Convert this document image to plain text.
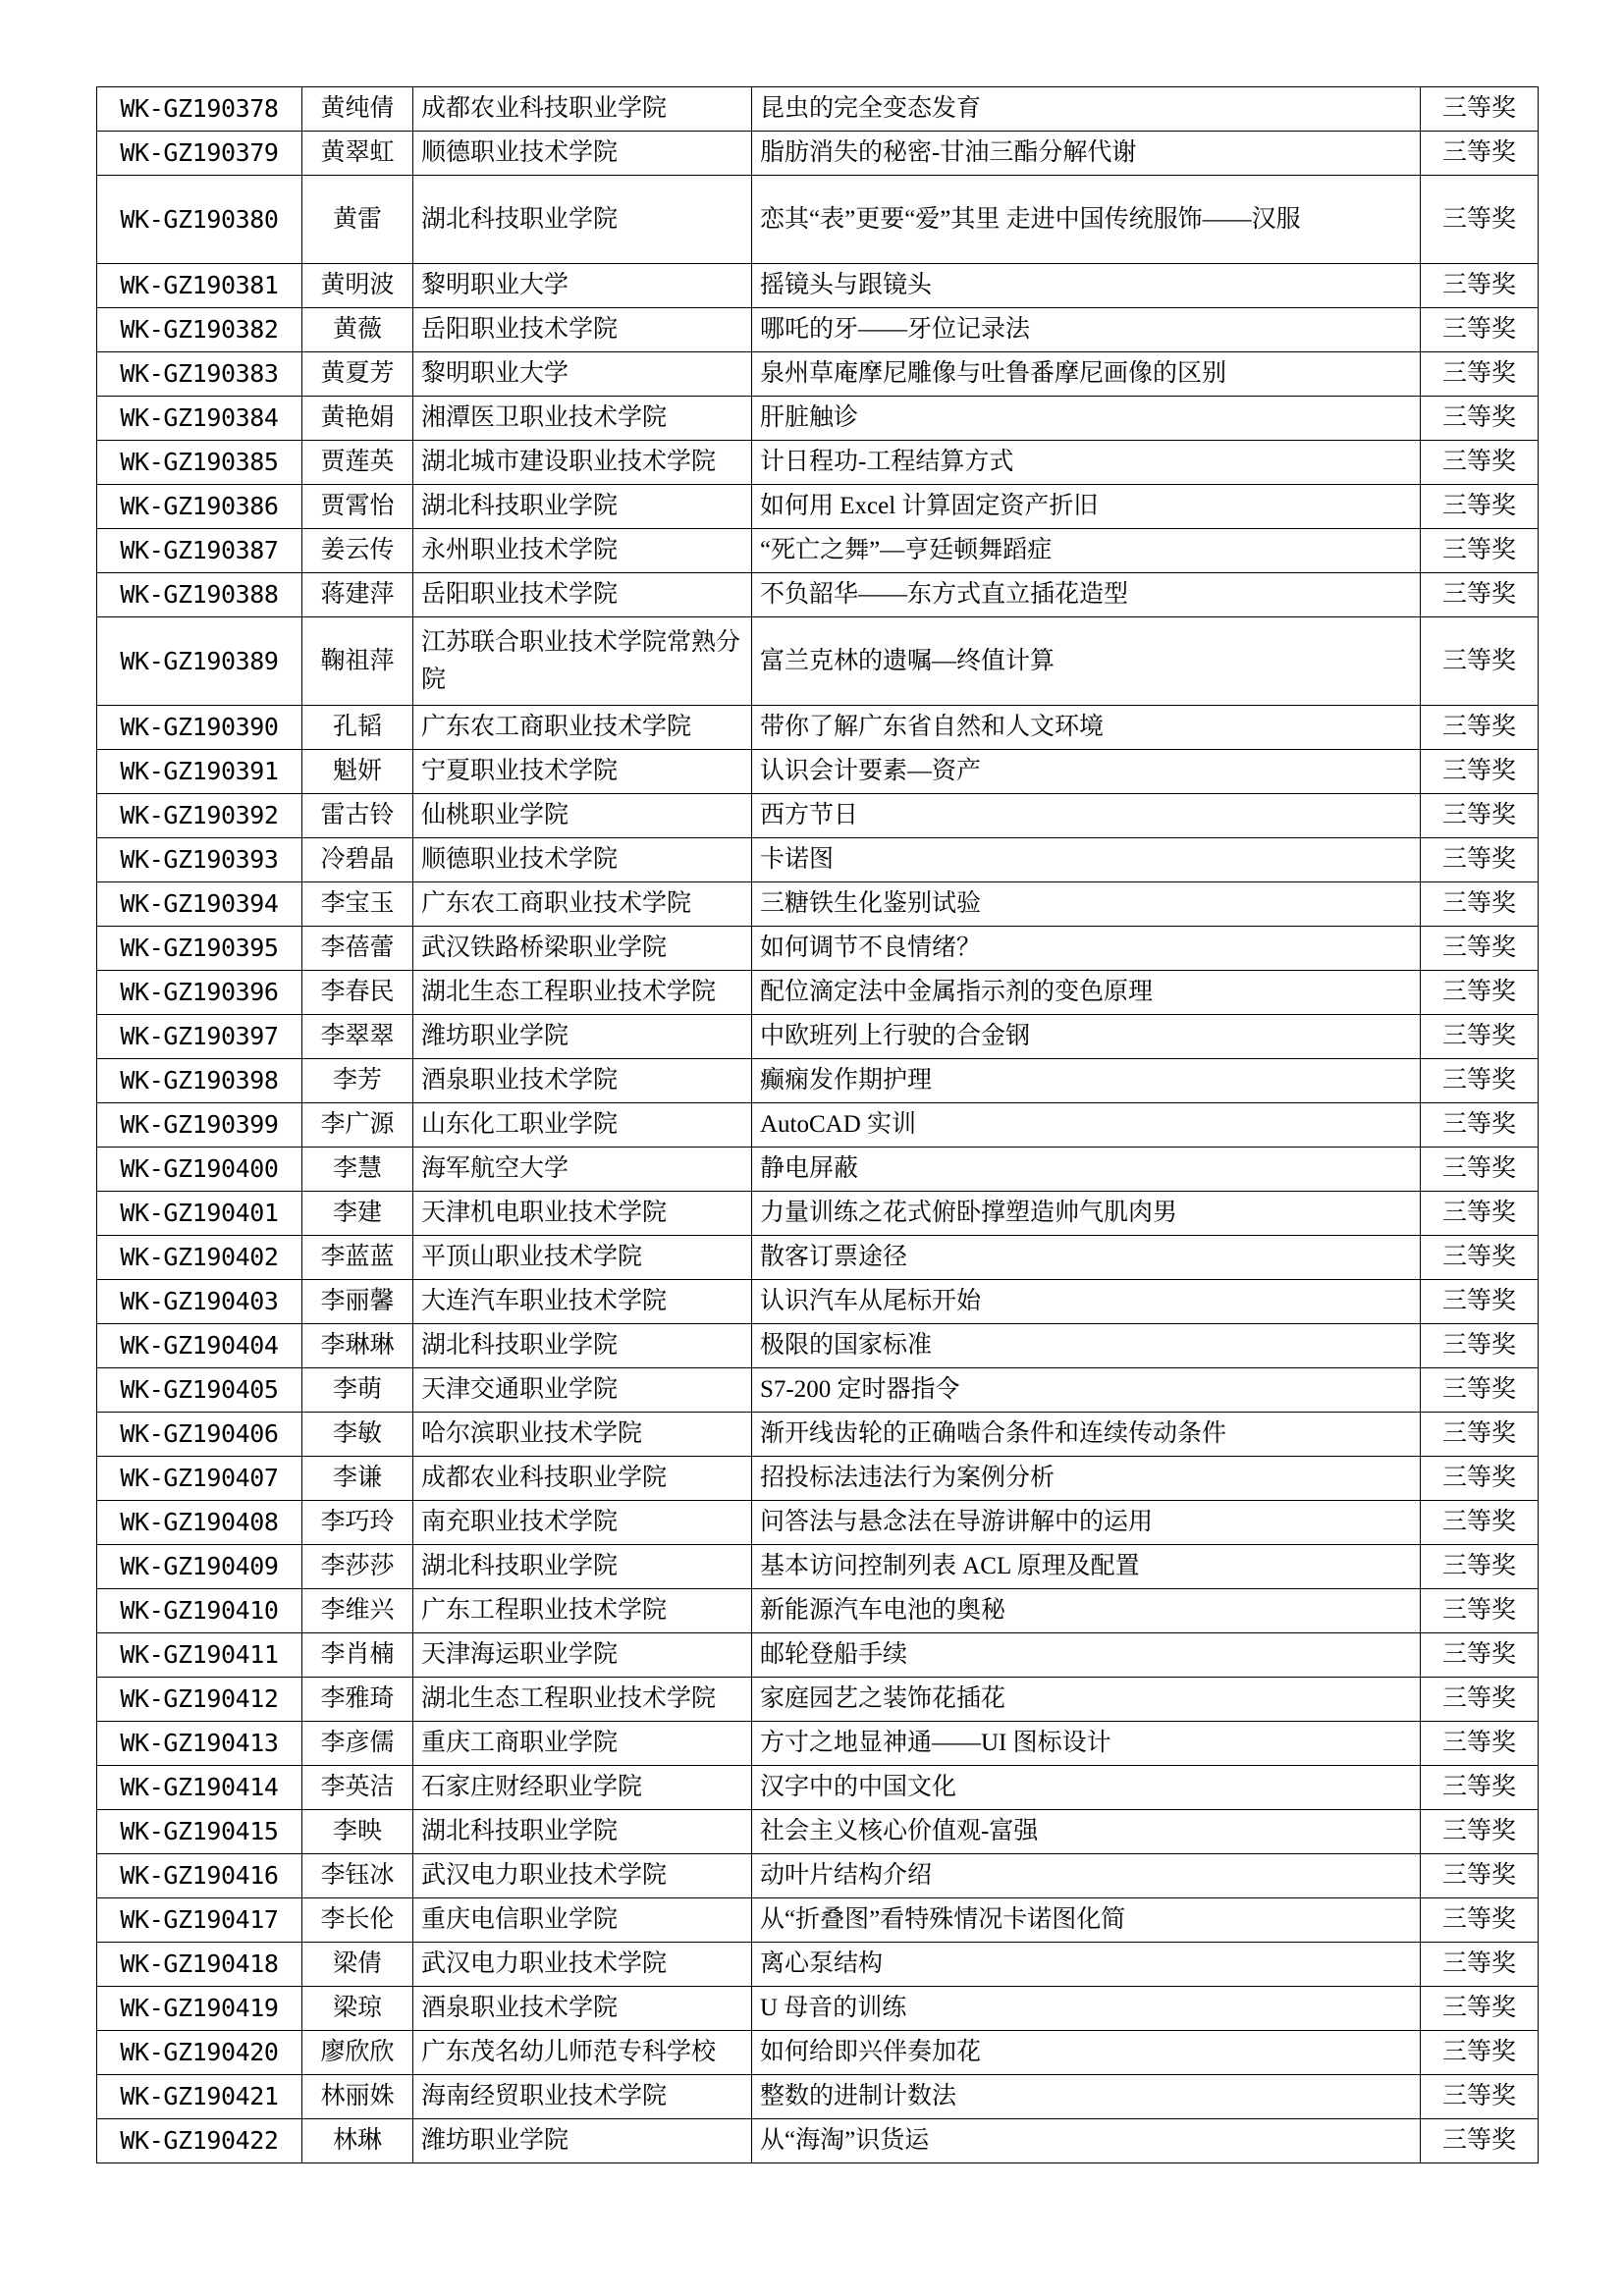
WK-GZ190378	黄纯倩	成都农业科技职业学院	昆虫的完全变态发育	三等奖
WK-GZ190379	黄翠虹	顺德职业技术学院	脂肪消失的秘密-甘油三酯分解代谢	三等奖
WK-GZ190380	黄雷	湖北科技职业学院	恋其“表”更要“爱”其里 走进中国传统服饰——汉服	三等奖
WK-GZ190381	黄明波	黎明职业大学	摇镜头与跟镜头	三等奖
WK-GZ190382	黄薇	岳阳职业技术学院	哪吒的牙——牙位记录法	三等奖
WK-GZ190383	黄夏芳	黎明职业大学	泉州草庵摩尼雕像与吐鲁番摩尼画像的区别	三等奖
WK-GZ190384	黄艳娟	湘潭医卫职业技术学院	肝脏触诊	三等奖
WK-GZ190385	贾莲英	湖北城市建设职业技术学院	计日程功-工程结算方式	三等奖
WK-GZ190386	贾霄怡	湖北科技职业学院	如何用 Excel 计算固定资产折旧	三等奖
WK-GZ190387	姜云传	永州职业技术学院	“死亡之舞”—亨廷顿舞蹈症	三等奖
WK-GZ190388	蒋建萍	岳阳职业技术学院	不负韶华——东方式直立插花造型	三等奖
WK-GZ190389	鞠祖萍	江苏联合职业技术学院常熟分院	富兰克林的遗嘱—终值计算	三等奖
WK-GZ190390	孔韬	广东农工商职业技术学院	带你了解广东省自然和人文环境	三等奖
WK-GZ190391	魁妍	宁夏职业技术学院	认识会计要素—资产	三等奖
WK-GZ190392	雷古铃	仙桃职业学院	西方节日	三等奖
WK-GZ190393	冷碧晶	顺德职业技术学院	卡诺图	三等奖
WK-GZ190394	李宝玉	广东农工商职业技术学院	三糖铁生化鉴别试验	三等奖
WK-GZ190395	李蓓蕾	武汉铁路桥梁职业学院	如何调节不良情绪？	三等奖
WK-GZ190396	李春民	湖北生态工程职业技术学院	配位滴定法中金属指示剂的变色原理	三等奖
WK-GZ190397	李翠翠	潍坊职业学院	中欧班列上行驶的合金钢	三等奖
WK-GZ190398	李芳	酒泉职业技术学院	癫痫发作期护理	三等奖
WK-GZ190399	李广源	山东化工职业学院	AutoCAD 实训	三等奖
WK-GZ190400	李慧	海军航空大学	静电屏蔽	三等奖
WK-GZ190401	李建	天津机电职业技术学院	力量训练之花式俯卧撑塑造帅气肌肉男	三等奖
WK-GZ190402	李蓝蓝	平顶山职业技术学院	散客订票途径	三等奖
WK-GZ190403	李丽馨	大连汽车职业技术学院	认识汽车从尾标开始	三等奖
WK-GZ190404	李琳琳	湖北科技职业学院	极限的国家标准	三等奖
WK-GZ190405	李萌	天津交通职业学院	S7-200 定时器指令	三等奖
WK-GZ190406	李敏	哈尔滨职业技术学院	渐开线齿轮的正确啮合条件和连续传动条件	三等奖
WK-GZ190407	李谦	成都农业科技职业学院	招投标法违法行为案例分析	三等奖
WK-GZ190408	李巧玲	南充职业技术学院	问答法与悬念法在导游讲解中的运用	三等奖
WK-GZ190409	李莎莎	湖北科技职业学院	基本访问控制列表 ACL 原理及配置	三等奖
WK-GZ190410	李维兴	广东工程职业技术学院	新能源汽车电池的奥秘	三等奖
WK-GZ190411	李肖楠	天津海运职业学院	邮轮登船手续	三等奖
WK-GZ190412	李雅琦	湖北生态工程职业技术学院	家庭园艺之装饰花插花	三等奖
WK-GZ190413	李彦儒	重庆工商职业学院	方寸之地显神通——UI 图标设计	三等奖
WK-GZ190414	李英洁	石家庄财经职业学院	汉字中的中国文化	三等奖
WK-GZ190415	李映	湖北科技职业学院	社会主义核心价值观-富强	三等奖
WK-GZ190416	李钰冰	武汉电力职业技术学院	动叶片结构介绍	三等奖
WK-GZ190417	李长伦	重庆电信职业学院	从“折叠图”看特殊情况卡诺图化简	三等奖
WK-GZ190418	梁倩	武汉电力职业技术学院	离心泵结构	三等奖
WK-GZ190419	梁琼	酒泉职业技术学院	U 母音的训练	三等奖
WK-GZ190420	廖欣欣	广东茂名幼儿师范专科学校	如何给即兴伴奏加花	三等奖
WK-GZ190421	林丽姝	海南经贸职业技术学院	整数的进制计数法	三等奖
WK-GZ190422	林琳	潍坊职业学院	从“海淘”识货运	三等奖
